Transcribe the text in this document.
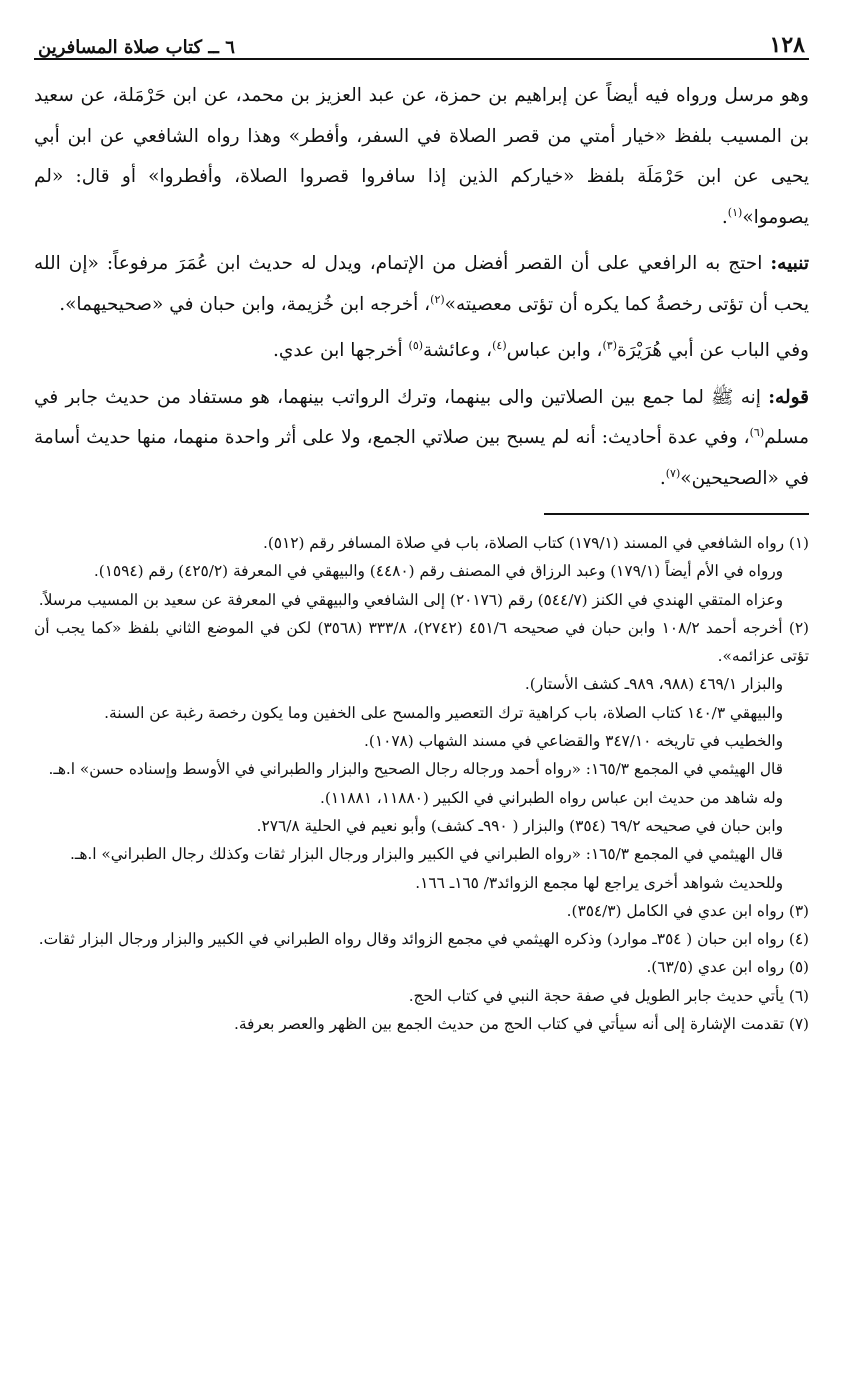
١٢٨
٦ ــ كتاب صلاة المسافرين

وهو مرسل ورواه فيه أيضاً عن إبراهيم بن حمزة، عن عبد العزيز بن محمد، عن ابن حَرْمَلة، عن سعيد بن المسيب بلفظ «خيار أمتي من قصر الصلاة في السفر، وأفطر» وهذا رواه الشافعي عن ابن أبي يحيى عن ابن حَرْمَلَة بلفظ «خياركم الذين إذا سافروا قصروا الصلاة، وأفطروا» أو قال: «لم يصوموا»$^{(١)}$.

تنبيه: احتج به الرافعي على أن القصر أفضل من الإتمام، ويدل له حديث ابن عُمَرَ مرفوعاً: «إن الله يحب أن تؤتى رخصةُ كما يكره أن تؤتى معصيته»$^{(٢)}$، أخرجه ابن خُزيمة، وابن حبان في «صحيحيهما».

وفي الباب عن أبي هُرَيْرَة$^{(٣)}$، وابن عباس$^{(٤)}$، وعائشة$^{(٥)}$ أخرجها ابن عدي.

قوله: إنه ﷺ لما جمع بين الصلاتين والى بينهما، وترك الرواتب بينهما، هو مستفاد من حديث جابر في مسلم$^{(٦)}$، وفي عدة أحاديث: أنه لم يسبح بين صلاتي الجمع، ولا على أثر واحدة منهما، منها حديث أسامة في «الصحيحين»$^{(٧)}$.

(١) رواه الشافعي في المسند (١٧٩/١) كتاب الصلاة، باب في صلاة المسافر رقم (٥١٢).
ورواه في الأم أيضاً (١٧٩/١) وعبد الرزاق في المصنف رقم (٤٤٨٠) والبيهقي في المعرفة (٤٢٥/٢) رقم (١٥٩٤).
وعزاه المتقي الهندي في الكنز (٥٤٤/٧) رقم (٢٠١٧٦) إلى الشافعي والبيهقي في المعرفة عن سعيد بن المسيب مرسلاً.
(٢) أخرجه أحمد ١٠٨/٢ وابن حبان في صحيحه ٤٥١/٦ (٢٧٤٢)، ٣٣٣/٨ (٣٥٦٨) لكن في الموضع الثاني بلفظ «كما يجب أن تؤتى عزائمه».
والبزار ٤٦٩/١ (٩٨٨، ٩٨٩ـ كشف الأستار).
والبيهقي ١٤٠/٣ كتاب الصلاة، باب كراهية ترك التعصير والمسح على الخفين وما يكون رخصة رغبة عن السنة.
والخطيب في تاريخه ٣٤٧/١٠ والقضاعي في مسند الشهاب (١٠٧٨).
قال الهيثمي في المجمع ١٦٥/٣: «رواه أحمد ورجاله رجال الصحيح والبزار والطبراني في الأوسط وإسناده حسن» ا.هـ.
وله شاهد من حديث ابن عباس رواه الطبراني في الكبير (١١٨٨٠، ١١٨٨١).
وابن حبان في صحيحه ٦٩/٢ (٣٥٤) والبزار ( ٩٩٠ـ كشف) وأبو نعيم في الحلية ٢٧٦/٨.
قال الهيثمي في المجمع ١٦٥/٣: «رواه الطبراني في الكبير والبزار ورجال البزار ثقات وكذلك رجال الطبراني» ا.هـ.
وللحديث شواهد أخرى يراجع لها مجمع الزوائد٣/ ١٦٥ـ ١٦٦.
(٣) رواه ابن عدي في الكامل (٣٥٤/٣).
(٤) رواه ابن حبان ( ٣٥٤ـ موارد) وذكره الهيثمي في مجمع الزوائد وقال رواه الطبراني في الكبير والبزار ورجال البزار ثقات.
(٥) رواه ابن عدي (٦٣/٥).
(٦) يأتي حديث جابر الطويل في صفة حجة النبي في كتاب الحج.
(٧) تقدمت الإشارة إلى أنه سيأتي في كتاب الحج من حديث الجمع بين الظهر والعصر بعرفة.
